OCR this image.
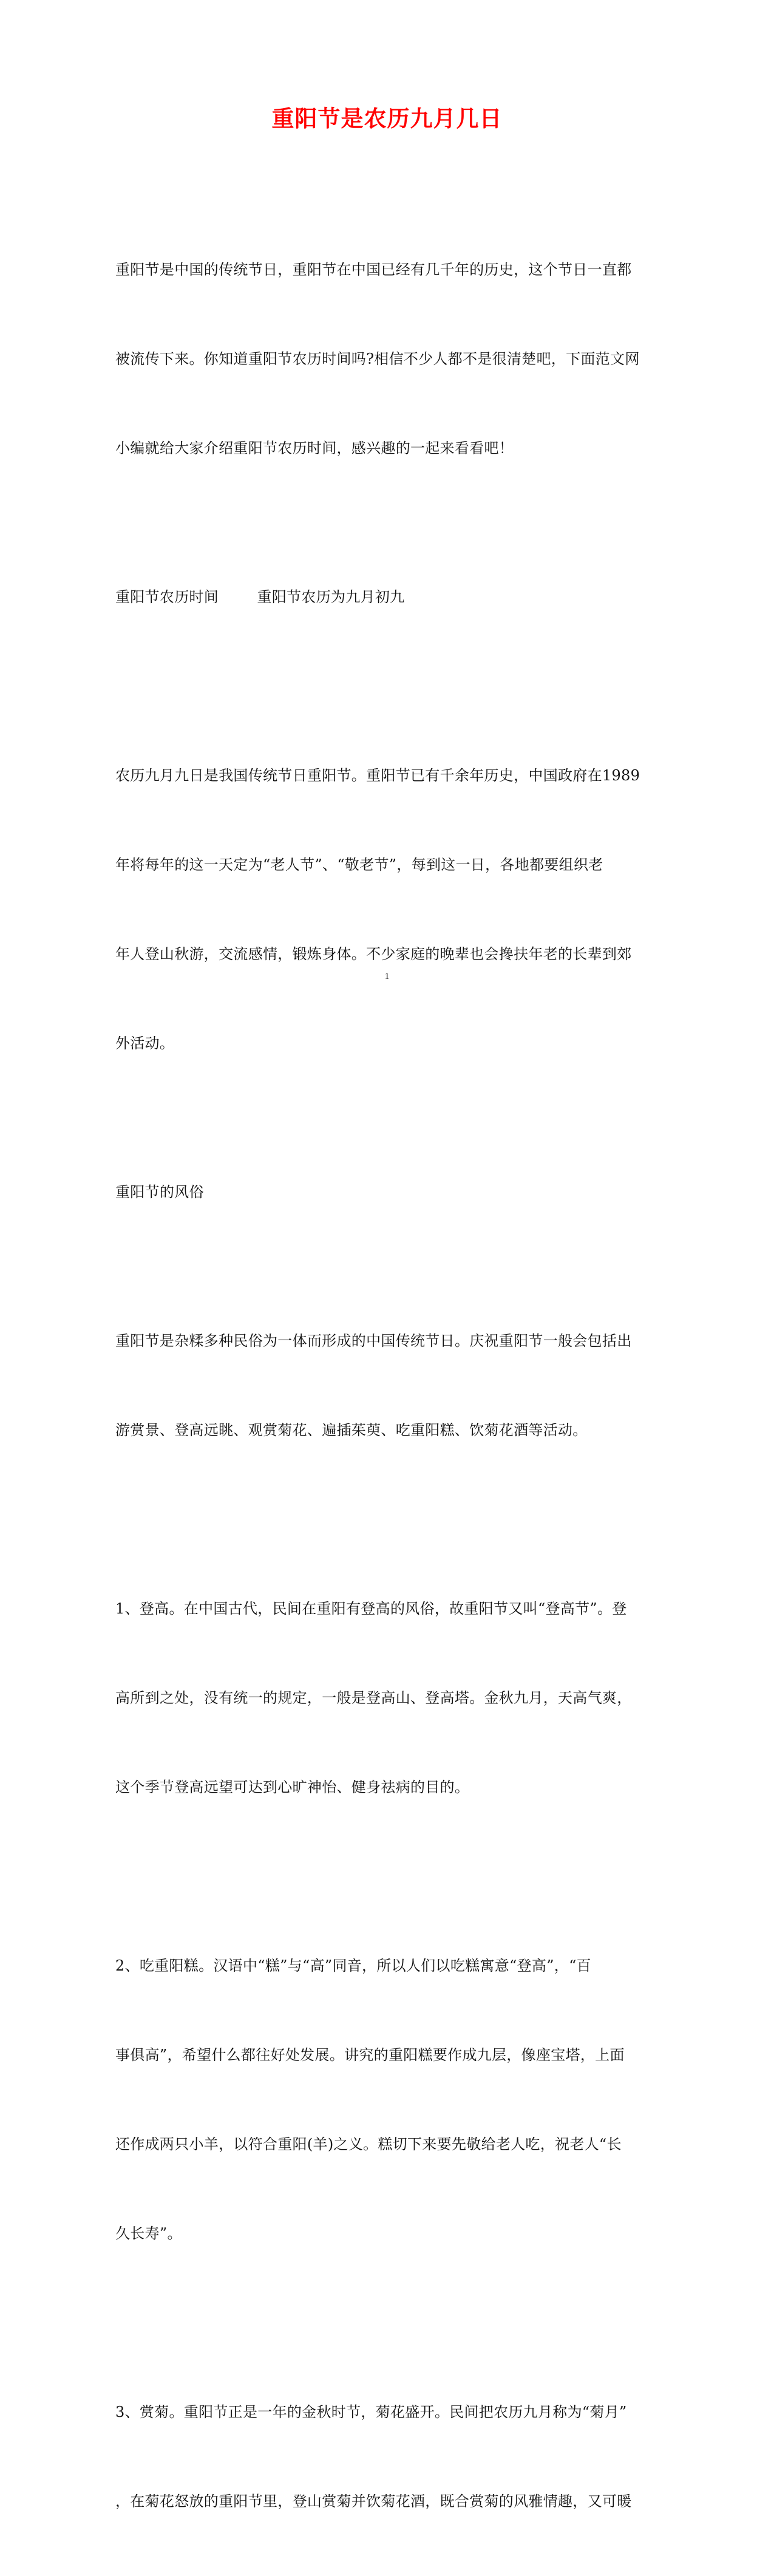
重阳节是农历九月几日

重阳节是中国的传统节日，重阳节在中国已经有几千年的历史，这个节日一直都

被流传下来。你知道重阳节农历时间吗?相信不少人都不是很清楚吧，下面范文网

小编就给大家介绍重阳节农历时间，感兴趣的一起来看看吧！

重阳节农历时间        重阳节农历为九月初九

农历九月九日是我国传统节日重阳节。重阳节已有千余年历史，中国政府在1989

年将每年的这一天定为“老人节”、“敬老节”，每到这一日，各地都要组织老

年人登山秋游，交流感情，锻炼身体。不少家庭的晚辈也会搀扶年老的长辈到郊

外活动。

重阳节的风俗

重阳节是杂糅多种民俗为一体而形成的中国传统节日。庆祝重阳节一般会包括出

游赏景、登高远眺、观赏菊花、遍插茱萸、吃重阳糕、饮菊花酒等活动。

1、登高。在中国古代，民间在重阳有登高的风俗，故重阳节又叫“登高节”。登

高所到之处，没有统一的规定，一般是登高山、登高塔。金秋九月，天高气爽，

这个季节登高远望可达到心旷神怡、健身祛病的目的。

2、吃重阳糕。汉语中“糕”与“高”同音，所以人们以吃糕寓意“登高”，“百

事俱高”，希望什么都往好处发展。讲究的重阳糕要作成九层，像座宝塔，上面

还作成两只小羊，以符合重阳(羊)之义。糕切下来要先敬给老人吃，祝老人“长

久长寿”。

3、赏菊。重阳节正是一年的金秋时节，菊花盛开。民间把农历九月称为“菊月”

，在菊花怒放的重阳节里，登山赏菊并饮菊花酒，既合赏菊的风雅情趣，又可暖

1
